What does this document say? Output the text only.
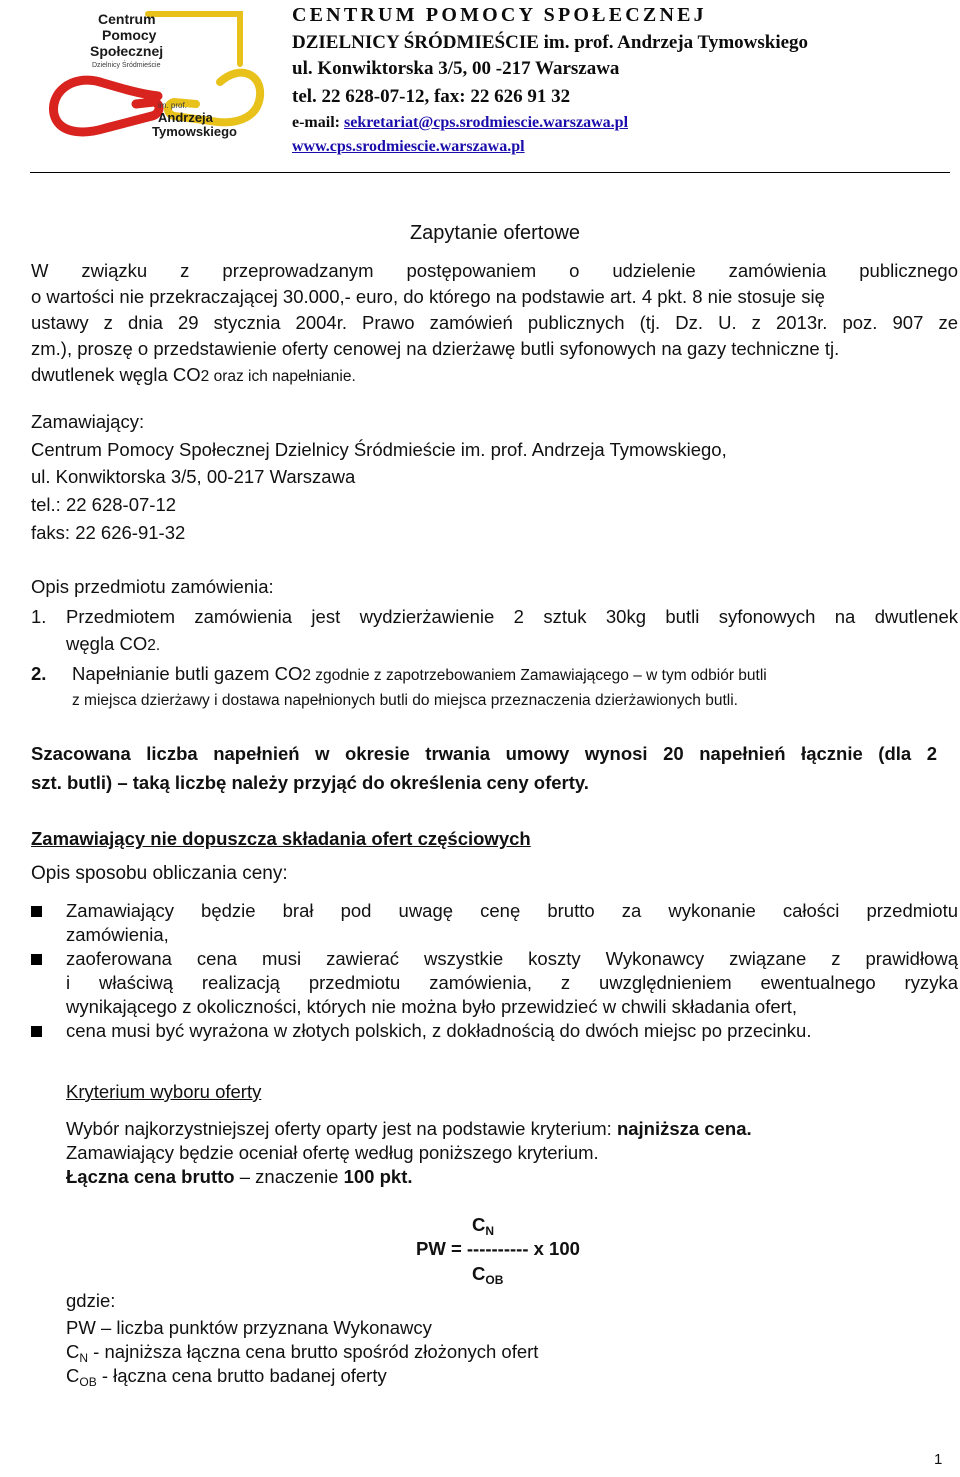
Centrum
Pomocy
Społecznej
Dzielnicy Śródmieście
im. prof.
Andrzeja
Tymowskiego
CENTRUM POMOCY SPOŁECZNEJ
DZIELNICY ŚRÓDMIEŚCIE im. prof. Andrzeja Tymowskiego
ul. Konwiktorska 3/5, 00 -217 Warszawa
tel. 22 628-07-12, fax: 22 626 91 32
e-mail: sekretariat@cps.srodmiescie.warszawa.pl
www.cps.srodmiescie.warszawa.pl
Zapytanie ofertowe
W związku z przeprowadzanym postępowaniem o udzielenie zamówienia publicznego
o wartości nie przekraczającej 30.000,- euro, do którego na podstawie art. 4 pkt. 8 nie stosuje się
ustawy z dnia 29 stycznia 2004r. Prawo zamówień publicznych (tj. Dz. U. z 2013r. poz. 907 ze
zm.), proszę o przedstawienie oferty cenowej na dzierżawę butli syfonowych na gazy techniczne tj.
dwutlenek węgla CO2 oraz ich napełnianie.
Zamawiający:
Centrum Pomocy Społecznej Dzielnicy Śródmieście im. prof. Andrzeja Tymowskiego,
ul. Konwiktorska 3/5, 00-217 Warszawa
tel.: 22 628-07-12
faks: 22 626-91-32
Opis przedmiotu zamówienia:
1. Przedmiotem zamówienia jest wydzierżawienie 2 sztuk 30kg butli syfonowych na dwutlenek
węgla CO2.
2. Napełnianie butli gazem CO2 zgodnie z zapotrzebowaniem Zamawiającego – w tym odbiór butli
z miejsca dzierżawy i dostawa napełnionych butli do miejsca przeznaczenia dzierżawionych butli.
Szacowana liczba napełnień w okresie trwania umowy wynosi 20 napełnień łącznie (dla 2
szt. butli) – taką liczbę należy przyjąć do określenia ceny oferty.
Zamawiający nie dopuszcza składania ofert częściowych
Opis sposobu obliczania ceny:
Zamawiający będzie brał pod uwagę cenę brutto za wykonanie całości przedmiotu
zamówienia,
zaoferowana cena musi zawierać wszystkie koszty Wykonawcy związane z prawidłową
i właściwą realizacją przedmiotu zamówienia, z uwzględnieniem ewentualnego ryzyka
wynikającego z okoliczności, których nie można było przewidzieć w chwili składania ofert,
cena musi być wyrażona w złotych polskich, z dokładnością do dwóch miejsc po przecinku.
Kryterium wyboru oferty
Wybór najkorzystniejszej oferty oparty jest na podstawie kryterium: najniższa cena.
Zamawiający będzie oceniał ofertę według poniższego kryterium.
Łączna cena brutto – znaczenie 100 pkt.
$C_N$
PW = ---------- x 100
$C_{OB}$
gdzie:
PW – liczba punktów przyznana Wykonawcy
$C_N$ - najniższa łączna cena brutto spośród złożonych ofert
$C_{OB}$ - łączna cena brutto badanej oferty
1
